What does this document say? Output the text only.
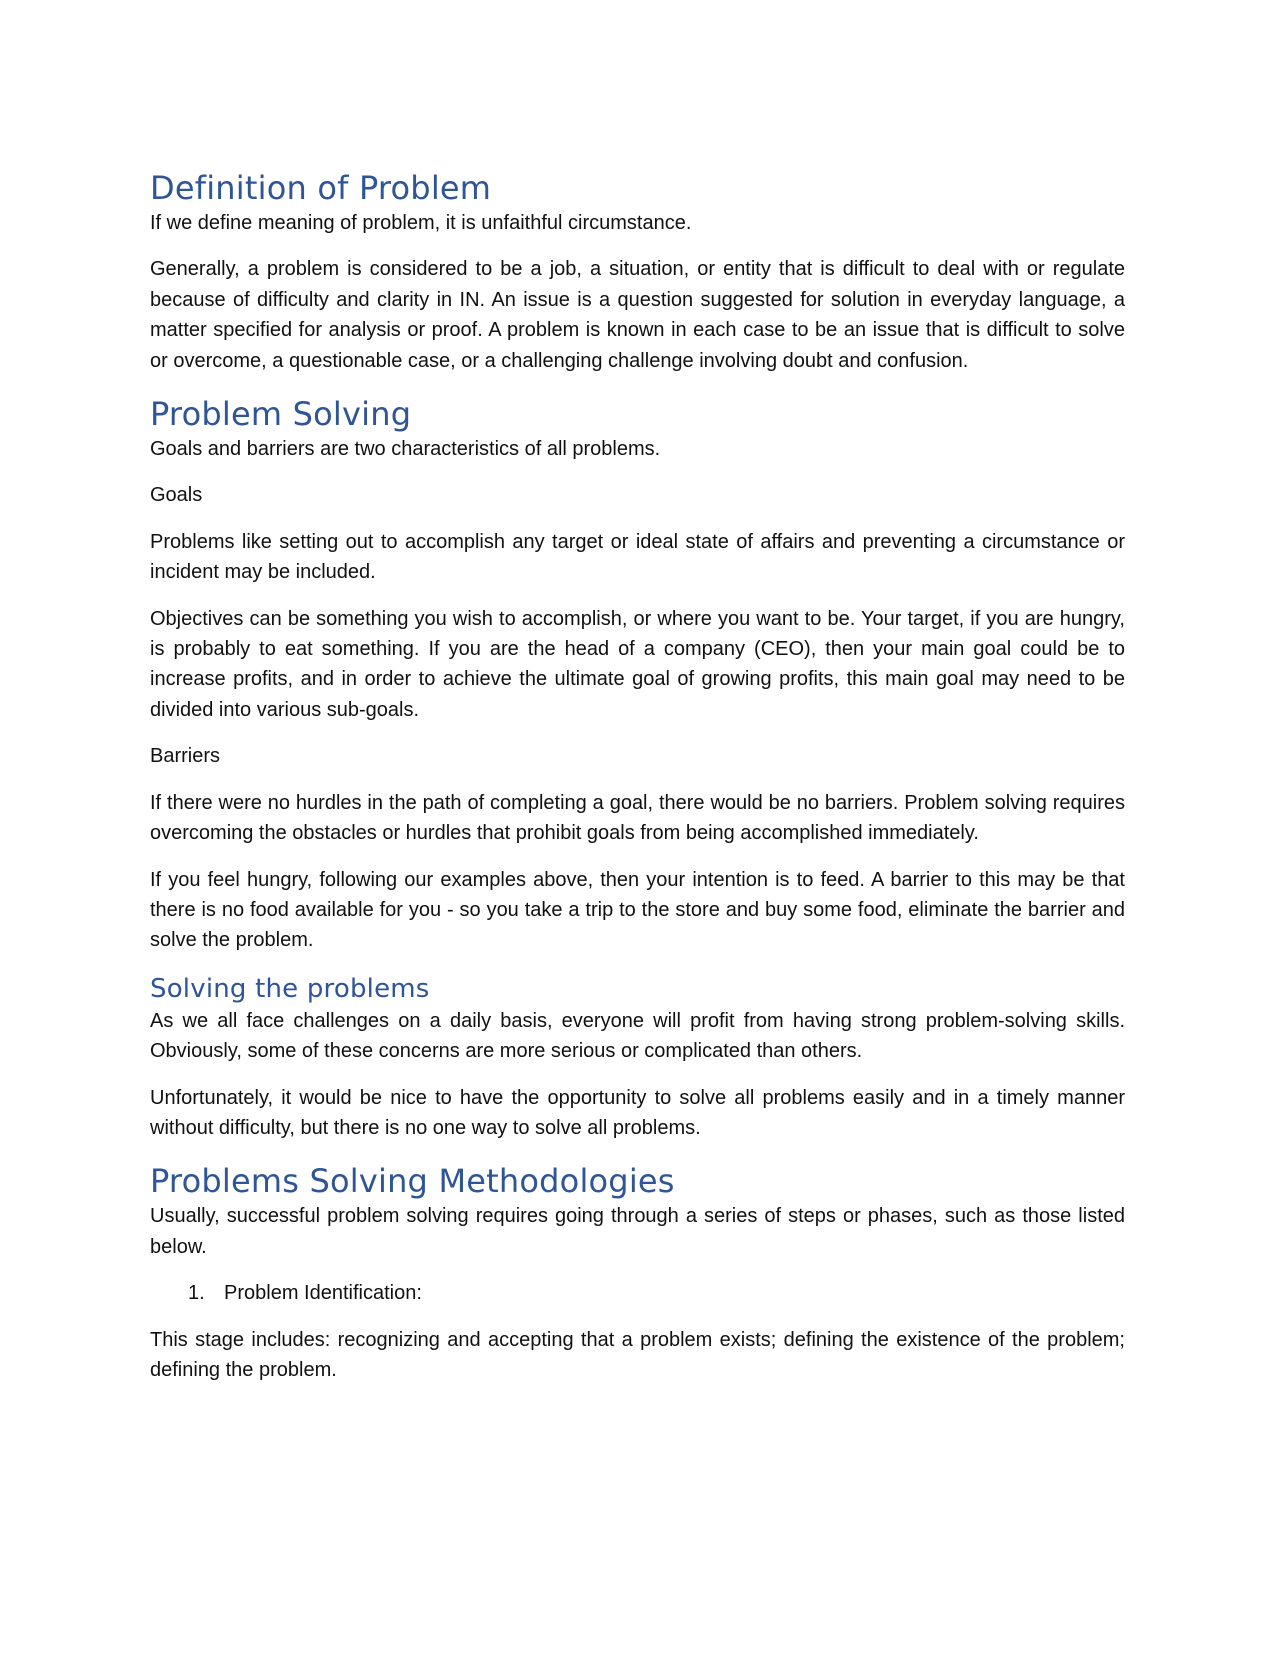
Definition of Problem

If we define meaning of problem, it is unfaithful circumstance.

Generally, a problem is considered to be a job, a situation, or entity that is difficult to deal with or regulate because of difficulty and clarity in IN. An issue is a question suggested for solution in everyday language, a matter specified for analysis or proof. A problem is known in each case to be an issue that is difficult to solve or overcome, a questionable case, or a challenging challenge involving doubt and confusion.

Problem Solving

Goals and barriers are two characteristics of all problems.

Goals

Problems like setting out to accomplish any target or ideal state of affairs and preventing a circumstance or incident may be included.

Objectives can be something you wish to accomplish, or where you want to be. Your target, if you are hungry, is probably to eat something. If you are the head of a company (CEO), then your main goal could be to increase profits, and in order to achieve the ultimate goal of growing profits, this main goal may need to be divided into various sub-goals.

Barriers

If there were no hurdles in the path of completing a goal, there would be no barriers. Problem solving requires overcoming the obstacles or hurdles that prohibit goals from being accomplished immediately.

If you feel hungry, following our examples above, then your intention is to feed. A barrier to this may be that there is no food available for you - so you take a trip to the store and buy some food, eliminate the barrier and solve the problem.

Solving the problems

As we all face challenges on a daily basis, everyone will profit from having strong problem-solving skills. Obviously, some of these concerns are more serious or complicated than others.

Unfortunately, it would be nice to have the opportunity to solve all problems easily and in a timely manner without difficulty, but there is no one way to solve all problems.

Problems Solving Methodologies

Usually, successful problem solving requires going through a series of steps or phases, such as those listed below.

1. Problem Identification:

This stage includes: recognizing and accepting that a problem exists; defining the existence of the problem; defining the problem.
